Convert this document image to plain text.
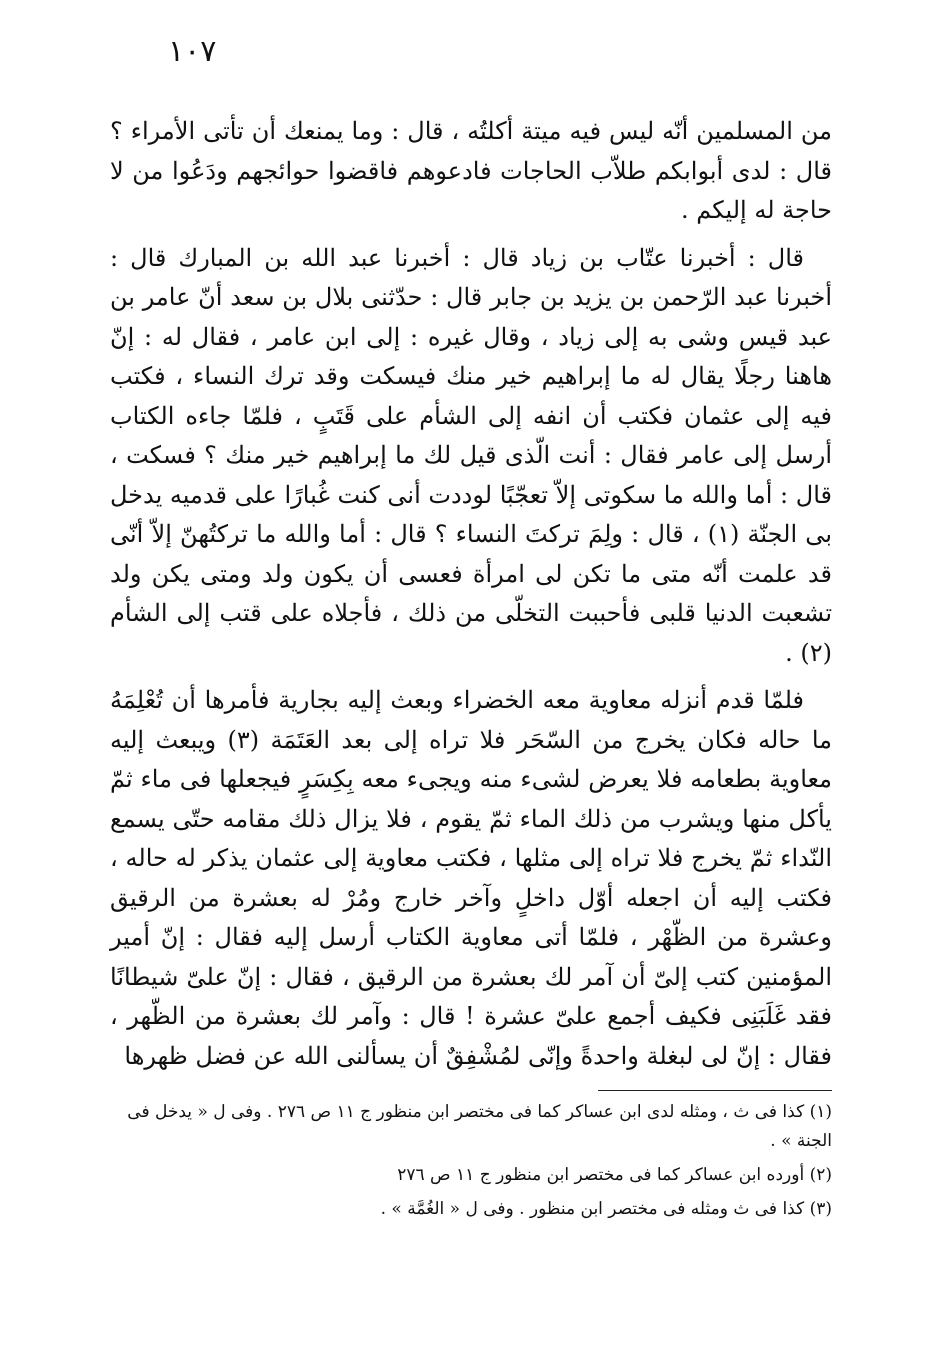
١٠٧

من المسلمين أنّه ليس فيه ميتة أكلتُه ، قال : وما يمنعك أن تأتى الأمراء ؟ قال : لدى أبوابكم طلاّب الحاجات فادعوهم فاقضوا حوائجهم ودَعُوا من لا حاجة له إليكم .

قال : أخبرنا عتّاب بن زياد قال : أخبرنا عبد الله بن المبارك قال : أخبرنا عبد الرّحمن بن يزيد بن جابر قال : حدّثنى بلال بن سعد أنّ عامر بن عبد قيس وشى به إلى زياد ، وقال غيره : إلى ابن عامر ، فقال له : إنّ هاهنا رجلًا يقال له ما إبراهيم خير منك فيسكت وقد ترك النساء ، فكتب فيه إلى عثمان فكتب أن انفه إلى الشأم على قَتَبٍ ، فلمّا جاءه الكتاب أرسل إلى عامر فقال : أنت الّذى قيل لك ما إبراهيم خير منك ؟ فسكت ، قال : أما والله ما سكوتى إلاّ تعجّبًا لوددت أنى كنت غُبارًا على قدميه يدخل بى الجنّة (١) ، قال : ولِمَ تركتَ النساء ؟ قال : أما والله ما تركتُهنّ إلاّ أنّى قد علمت أنّه متى ما تكن لى امرأة فعسى أن يكون ولد ومتى يكن ولد تشعبت الدنيا قلبى فأحببت التخلّى من ذلك ، فأجلاه على قتب إلى الشأم (٢) .

فلمّا قدم أنزله معاوية معه الخضراء وبعث إليه بجارية فأمرها أن تُعْلِمَهُ ما حاله فكان يخرج من السّحَر فلا تراه إلى بعد العَتَمَة (٣) ويبعث إليه معاوية بطعامه فلا يعرض لشىء منه ويجىء معه بِكِسَرٍ فيجعلها فى ماء ثمّ يأكل منها ويشرب من ذلك الماء ثمّ يقوم ، فلا يزال ذلك مقامه حتّى يسمع النّداء ثمّ يخرج فلا تراه إلى مثلها ، فكتب معاوية إلى عثمان يذكر له حاله ، فكتب إليه أن اجعله أوّل داخلٍ وآخر خارج ومُرْ له بعشرة من الرقيق وعشرة من الظّهْر ، فلمّا أتى معاوية الكتاب أرسل إليه فقال : إنّ أمير المؤمنين كتب إلىّ أن آمر لك بعشرة من الرقيق ، فقال : إنّ علىّ شيطانًا فقد غَلَبَنِى فكيف أجمع علىّ عشرة ! قال : وآمر لك بعشرة من الظّهر ، فقال : إنّ لى لبغلة واحدةً وإنّى لمُشْفِقٌ أن يسألنى الله عن فضل ظهرها

(١) كذا فى ث ، ومثله لدى ابن عساكر كما فى مختصر ابن منظور ج ١١ ص ٢٧٦ . وفى ل « يدخل فى الجنة » .

(٢) أورده ابن عساكر كما فى مختصر ابن منظور ج ١١ ص ٢٧٦

(٣) كذا فى ث ومثله فى مختصر ابن منظور . وفى ل « الغُمَّة » .
